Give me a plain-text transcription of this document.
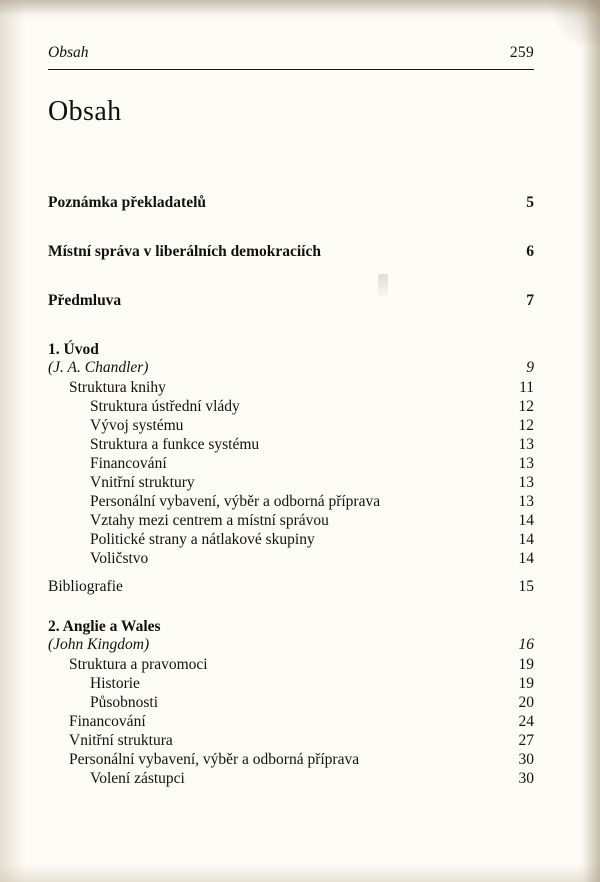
Obsah	259
Obsah
Poznámka překladatelů	5
Místní správa v liberálních demokraciích	6
Předmluva	7
1. Úvod
(J. A. Chandler)	9
Struktura knihy	11
Struktura ústřední vlády	12
Vývoj systému	12
Struktura a funkce systému	13
Financování	13
Vnitřní struktury	13
Personální vybavení, výběr a odborná příprava	13
Vztahy mezi centrem a místní správou	14
Politické strany a nátlakové skupiny	14
Voličstvo	14
Bibliografie	15
2. Anglie a Wales
(John Kingdom)	16
Struktura a pravomoci	19
Historie	19
Působnosti	20
Financování	24
Vnitřní struktura	27
Personální vybavení, výběr a odborná příprava	30
Volení zástupci	30
